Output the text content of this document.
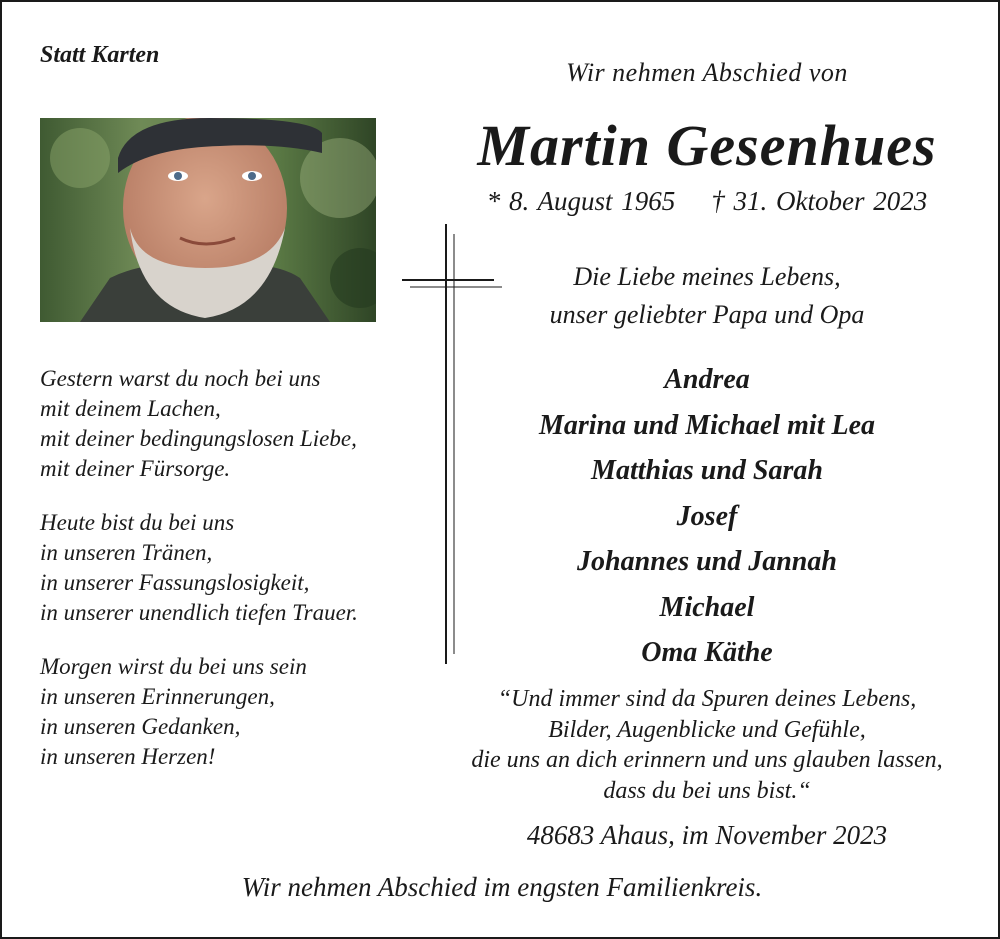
Statt Karten
Gestern warst du noch bei uns
mit deinem Lachen,
mit deiner bedingungslosen Liebe,
mit deiner Fürsorge.
Heute bist du bei uns
in unseren Tränen,
in unserer Fassungslosigkeit,
in unserer unendlich tiefen Trauer.
Morgen wirst du bei uns sein
in unseren Erinnerungen,
in unseren Gedanken,
in unseren Herzen!
Wir nehmen Abschied von
Martin Gesenhues
* 8. August 1965 † 31. Oktober 2023
Die Liebe meines Lebens,
unser geliebter Papa und Opa
Andrea
Marina und Michael mit Lea
Matthias und Sarah
Josef
Johannes und Jannah
Michael
Oma Käthe
“Und immer sind da Spuren deines Lebens,
Bilder, Augenblicke und Gefühle,
die uns an dich erinnern und uns glauben lassen,
dass du bei uns bist.“
48683 Ahaus, im November 2023
Wir nehmen Abschied im engsten Familienkreis.
